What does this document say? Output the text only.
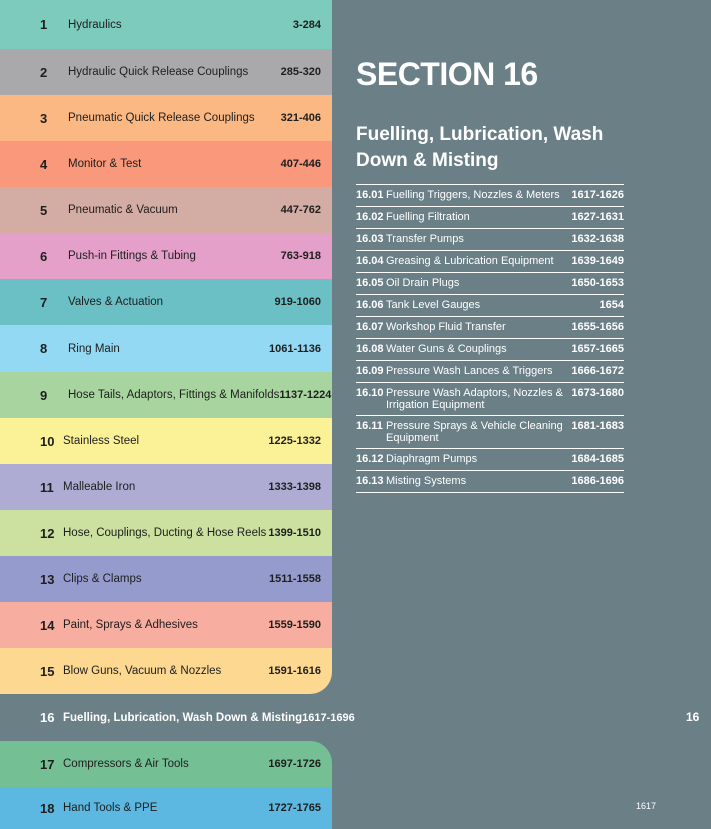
1	Hydraulics	3-284
2	Hydraulic Quick Release Couplings	285-320
3	Pneumatic Quick Release Couplings	321-406
4	Monitor & Test	407-446
5	Pneumatic & Vacuum	447-762
6	Push-in Fittings & Tubing	763-918
7	Valves & Actuation	919-1060
8	Ring Main	1061-1136
9	Hose Tails, Adaptors, Fittings & Manifolds 1137-1224
10 Stainless Steel	1225-1332
11 Malleable Iron	1333-1398
12 Hose, Couplings, Ducting & Hose Reels 1399-1510
13 Clips & Clamps	1511-1558
14 Paint, Sprays & Adhesives	1559-1590
15 Blow Guns, Vacuum & Nozzles	1591-1616
16 Fuelling, Lubrication, Wash Down & Misting 1617-1696
17 Compressors & Air Tools	1697-1726
18 Hand Tools & PPE	1727-1765
SECTION 16
Fuelling, Lubrication, Wash Down & Misting
16.01 Fuelling Triggers, Nozzles & Meters	1617-1626
16.02 Fuelling Filtration	1627-1631
16.03 Transfer Pumps	1632-1638
16.04 Greasing & Lubrication Equipment	1639-1649
16.05 Oil Drain Plugs	1650-1653
16.06 Tank Level Gauges	1654
16.07 Workshop Fluid Transfer	1655-1656
16.08 Water Guns & Couplings	1657-1665
16.09 Pressure Wash Lances & Triggers	1666-1672
16.10 Pressure Wash Adaptors, Nozzles & Irrigation Equipment
1673-1680
16.11 Pressure Sprays & Vehicle Cleaning Equipment
1681-1683
16.12 Diaphragm Pumps	1684-1685
16.13 Misting Systems	1686-1696
16
1617
